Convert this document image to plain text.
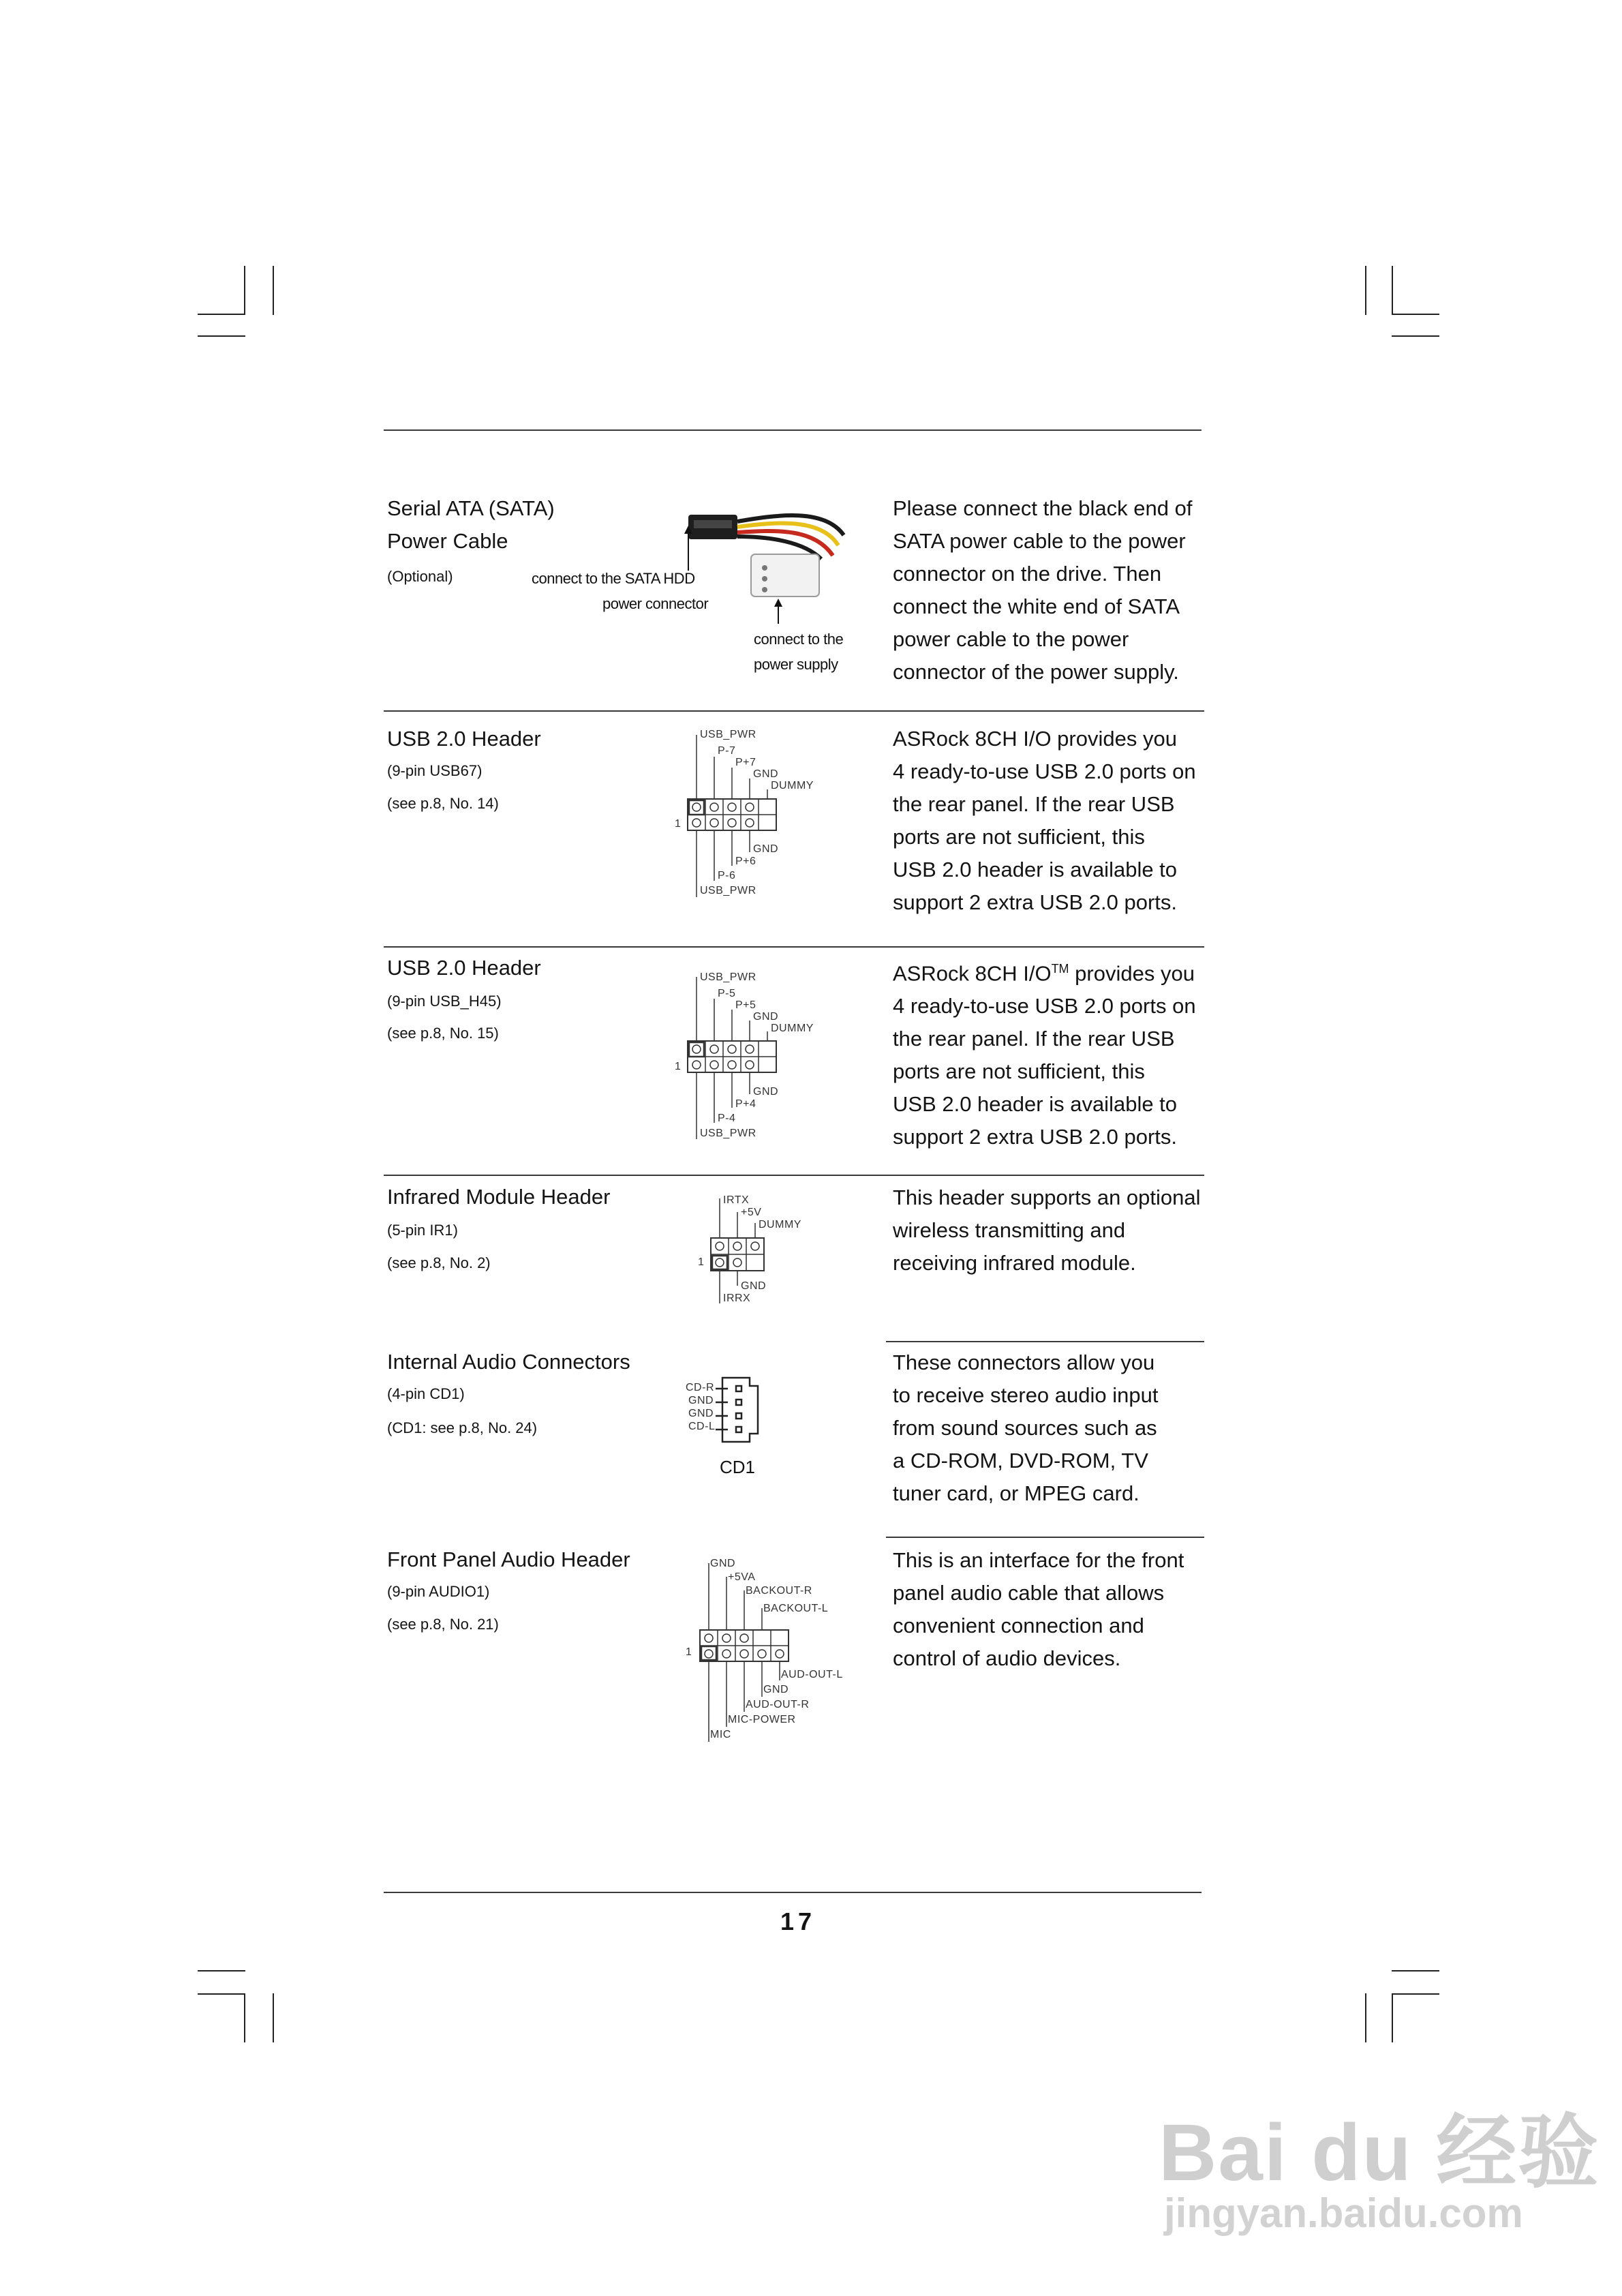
Serial ATA (SATA)
Power Cable
(Optional)	connect to the SATA HDD
power connector
connect to the
power supply
Please connect the black end of
SATA power cable to the power
connector on the drive. Then
connect the white end of SATA
power cable to the power
connector of the power supply.
USB 2.0 Header
(9-pin USB67)
(see p.8, No. 14)
USB_PWR
P-7
P+7
GND
DUMMY
1
GND
P+6
P-6
USB_PWR
ASRock 8CH I/O provides you
4 ready-to-use USB 2.0 ports on
the rear panel. If the rear USB
ports are not sufficient, this
USB 2.0 header is available to
support 2 extra USB 2.0 ports.
USB 2.0 Header
(9-pin USB_H45)
(see p.8, No. 15)
USB_PWR
P-5
P+5
GND
DUMMY
1
GND
P+4
P-4
USB_PWR
ASRock 8CH I/O™ provides you
4 ready-to-use USB 2.0 ports on
the rear panel. If the rear USB
ports are not sufficient, this
USB 2.0 header is available to
support 2 extra USB 2.0 ports.
Infrared Module Header
(5-pin IR1)
(see p.8, No. 2)
IRTX
+5V
DUMMY
1
GND
IRRX
This header supports an optional
wireless transmitting and
receiving infrared module.
Internal Audio Connectors
(4-pin CD1)
(CD1: see p.8, No. 24)
CD-R
GND
GND
CD-L
CD1
These connectors allow you
to receive stereo audio input
from sound sources such as
a CD-ROM, DVD-ROM, TV
tuner card, or MPEG card.
Front Panel Audio Header
(9-pin AUDIO1)
(see p.8, No. 21)
GND
+5VA
BACKOUT-R
BACKOUT-L
1
AUD-OUT-L
GND
AUD-OUT-R
MIC-POWER
MIC
This is an interface for the front
panel audio cable that allows
convenient connection and
control of audio devices.
17
Bai du 经验
jingyan.baidu.com
